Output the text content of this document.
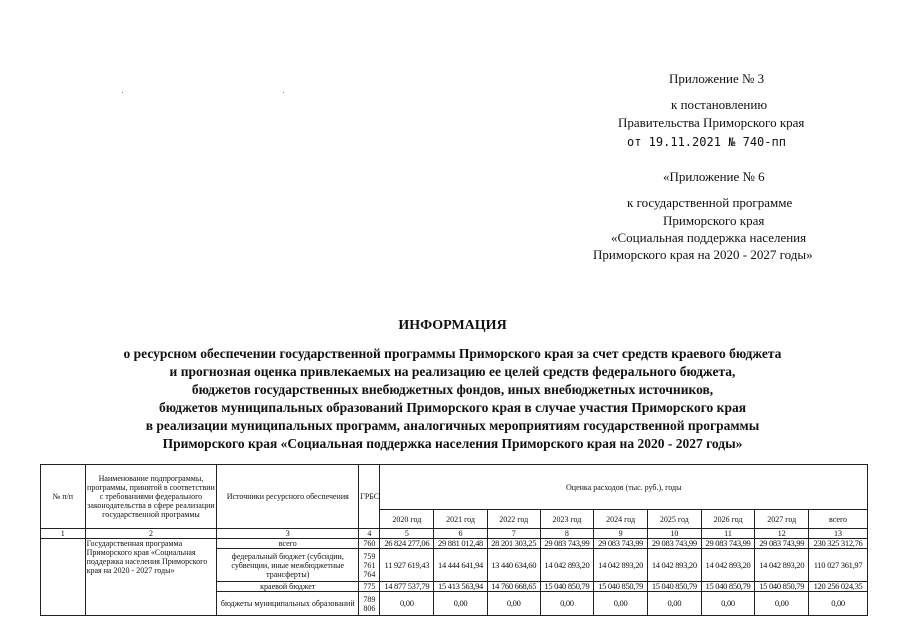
Приложение № 3
к постановлению
Правительства Приморского края
от 19.11.2021 № 740-пп
«Приложение № 6
к государственной программе
Приморского края
«Социальная поддержка населения
Приморского края на 2020 - 2027 годы»
ИНФОРМАЦИЯ
о ресурсном обеспечении государственной программы Приморского края за счет средств краевого бюджета
и прогнозная оценка привлекаемых на реализацию ее целей средств федерального бюджета,
бюджетов государственных внебюджетных фондов, иных внебюджетных источников,
бюджетов муниципальных образований Приморского края в случае участия Приморского края
в реализации муниципальных программ, аналогичных мероприятиям государственной программы
Приморского края «Социальная поддержка населения Приморского края на 2020 - 2027 годы»
№ п/п	Наименование подпрограммы, программы, принятой в соответствии с требованиями федерального законодательства в сфере реализации государственной программы	Источники ресурсного обеспечения	ГРБС	Оценка расходов (тыс. руб.), годы								
				2020 год	2021 год	2022 год	2023 год	2024 год	2025 год	2026 год	2027 год	всего
1	2	3	4	5	6	7	8	9	10	11	12	13
	Государственная программа Приморского края «Социальная поддержка населения Приморского края на 2020 - 2027 годы»	всего	760	26 824 277,06	29 881 012,48	28 201 303,25	29 083 743,99	29 083 743,99	29 083 743,99	29 083 743,99	29 083 743,99	230 325 312,76
		федеральный бюджет (субсидии, субвенции, иные межбюджетные трансферты)	759
761
764	11 927 619,43	14 444 641,94	13 440 634,60	14 042 893,20	14 042 893,20	14 042 893,20	14 042 893,20	14 042 893,20	110 027 361,97
		краевой бюджет	775	14 877 537,79	15 413 563,94	14 760 668,65	15 040 850,79	15 040 850,79	15 040 850,79	15 040 850,79	15 040 850,79	120 256 024,35
		бюджеты муниципальных образований	789
806	0,00	0,00	0,00	0,00	0,00	0,00	0,00	0,00	0,00
